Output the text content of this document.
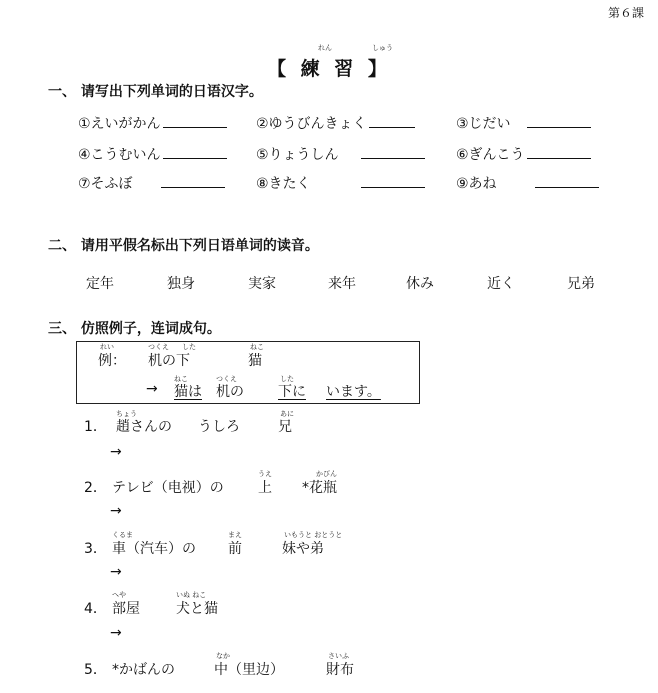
第６課
れん	しゅう
【 練 習 】
一、 请写出下列单词的日语汉字。
①えいがかん	②ゆうびんきょく	③じだい
④こうむいん	⑤りょうしん	⑥ぎんこう
⑦そふぼ	⑧きたく	⑨あね
二、 请用平假名标出下列日语单词的读音。
定年	独身	実家	来年	休み	近く	兄弟
三、 仿照例子，连词成句。
れい	つくえ した	ねこ
例： 机の下	猫
ねこ	つくえ	した
→ 猫は 机の 下に います。
ちょう	あに
1． 趙さんの うしろ	兄
→
うえ	かびん
2． テレビ（电视）の 上 *花瓶
→
くるま	まえ	いもうと おとうと
3． 車（汽车）の 前	妹や弟
→
へや	いぬ ねこ
4． 部屋	犬と猫
→
なか	さいふ
5． *かばんの	中（里边）	財布
